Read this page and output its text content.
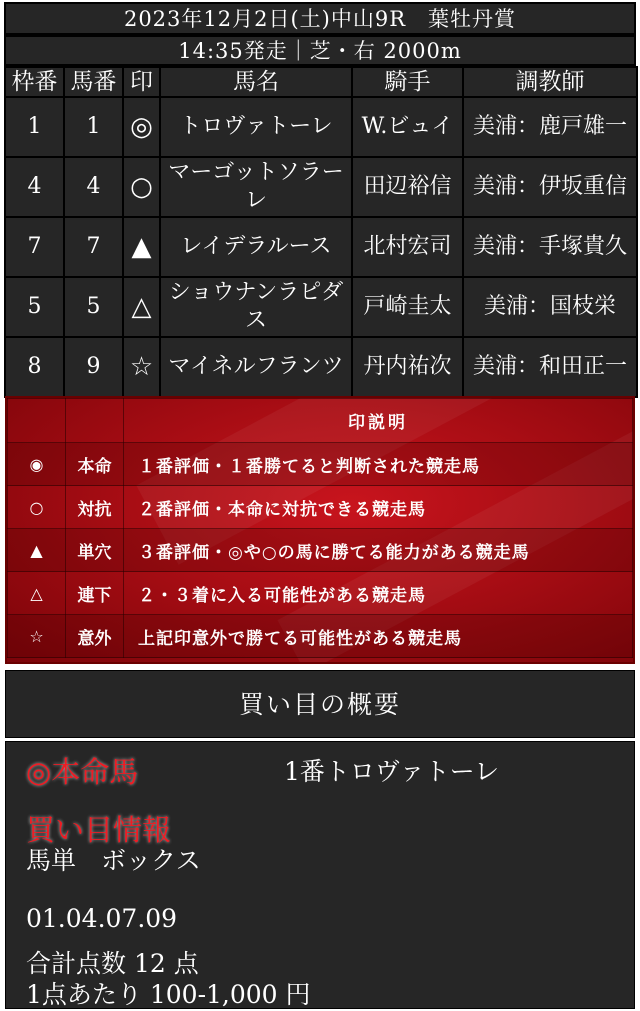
2023年12月2日(土)中山9R　葉牡丹賞
14:35発走｜芝・右 2000m
枠番	馬番	印	馬名	騎手	調教師
1	1	◎	トロヴァトーレ	W.ビュイ	美浦：鹿戸雄一
4	4	○	マーゴットソラーレ	田辺裕信	美浦：伊坂重信
7	7	▲	レイデラルース	北村宏司	美浦：手塚貴久
5	5	△	ショウナンラピダス	戸崎圭太	美浦：国枝栄
8	9	☆	マイネルフランツ	丹内祐次	美浦：和田正一
		印説明
◉	本命	１番評価・１番勝てると判断された競走馬
○	対抗	２番評価・本命に対抗できる競走馬
▲	単穴	３番評価・◎や○の馬に勝てる能力がある競走馬
△	連下	２・３着に入る可能性がある競走馬
☆	意外	上記印意外で勝てる可能性がある競走馬
買い目の概要
◎本命馬	1番トロヴァトーレ
買い目情報
馬単　ボックス
01.04.07.09
合計点数 12 点
1点あたり 100-1,000 円
